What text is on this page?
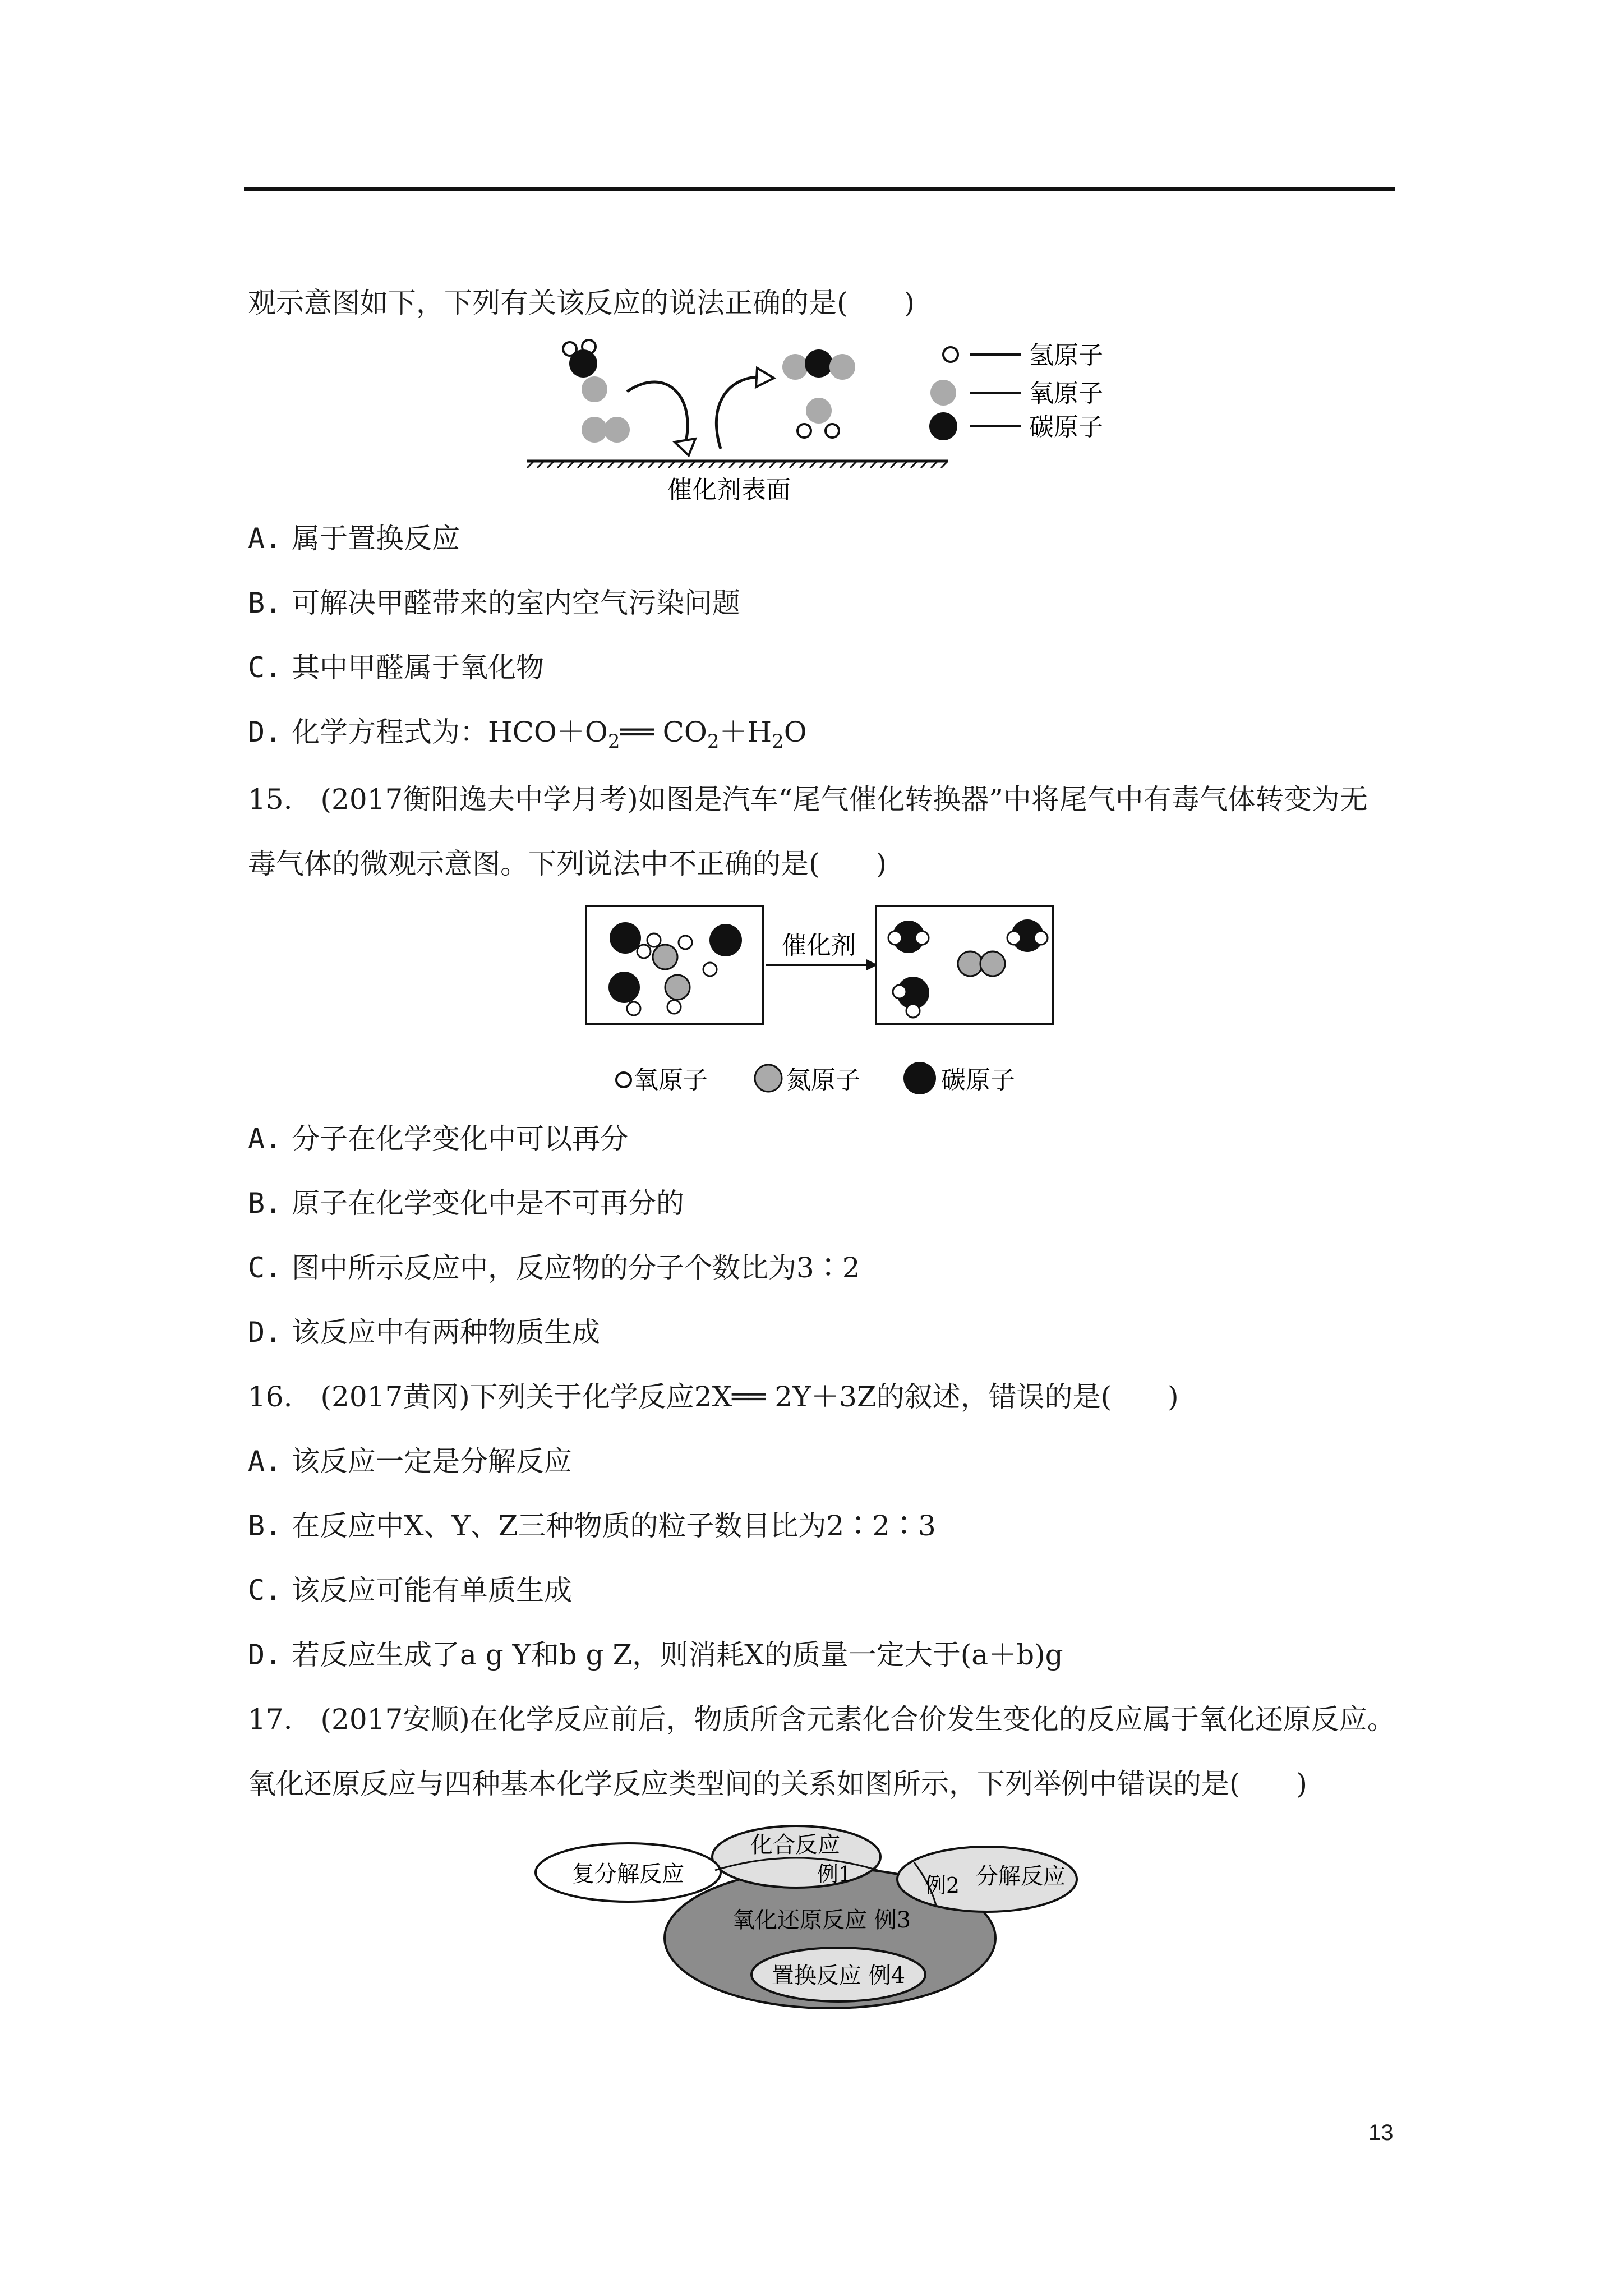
观示意图如下，下列有关该反应的说法正确的是(　　)
催化剂表面
氢原子
氧原子
碳原子
A. 属于置换反应
B. 可解决甲醛带来的室内空气污染问题
C. 其中甲醛属于氧化物
D. 化学方程式为：$HCO+O_2══$ $CO_2+H_2O$
15.　(2017衡阳逸夫中学月考)如图是汽车“尾气催化转换器”中将尾气中有毒气体转变为无
毒气体的微观示意图。下列说法中不正确的是(　　)
催化剂
氧原子	氮原子	碳原子
A. 分子在化学变化中可以再分
B. 原子在化学变化中是不可再分的
C. 图中所示反应中，反应物的分子个数比为3∶2
D. 该反应中有两种物质生成
16.　(2017黄冈)下列关于化学反应2X══ 2Y＋3Z的叙述，错误的是(　　)
A. 该反应一定是分解反应
B. 在反应中X、Y、Z三种物质的粒子数目比为2∶2∶3
C. 该反应可能有单质生成
D. 若反应生成了a g Y和b g Z，则消耗X的质量一定大于(a＋b)g
17.　(2017安顺)在化学反应前后，物质所含元素化合价发生变化的反应属于氧化还原反应。
氧化还原反应与四种基本化学反应类型间的关系如图所示，下列举例中错误的是(　　)
复分解反应
化合反应
例1	例2 分解反应
氧化还原反应 例3
置换反应 例4
13
